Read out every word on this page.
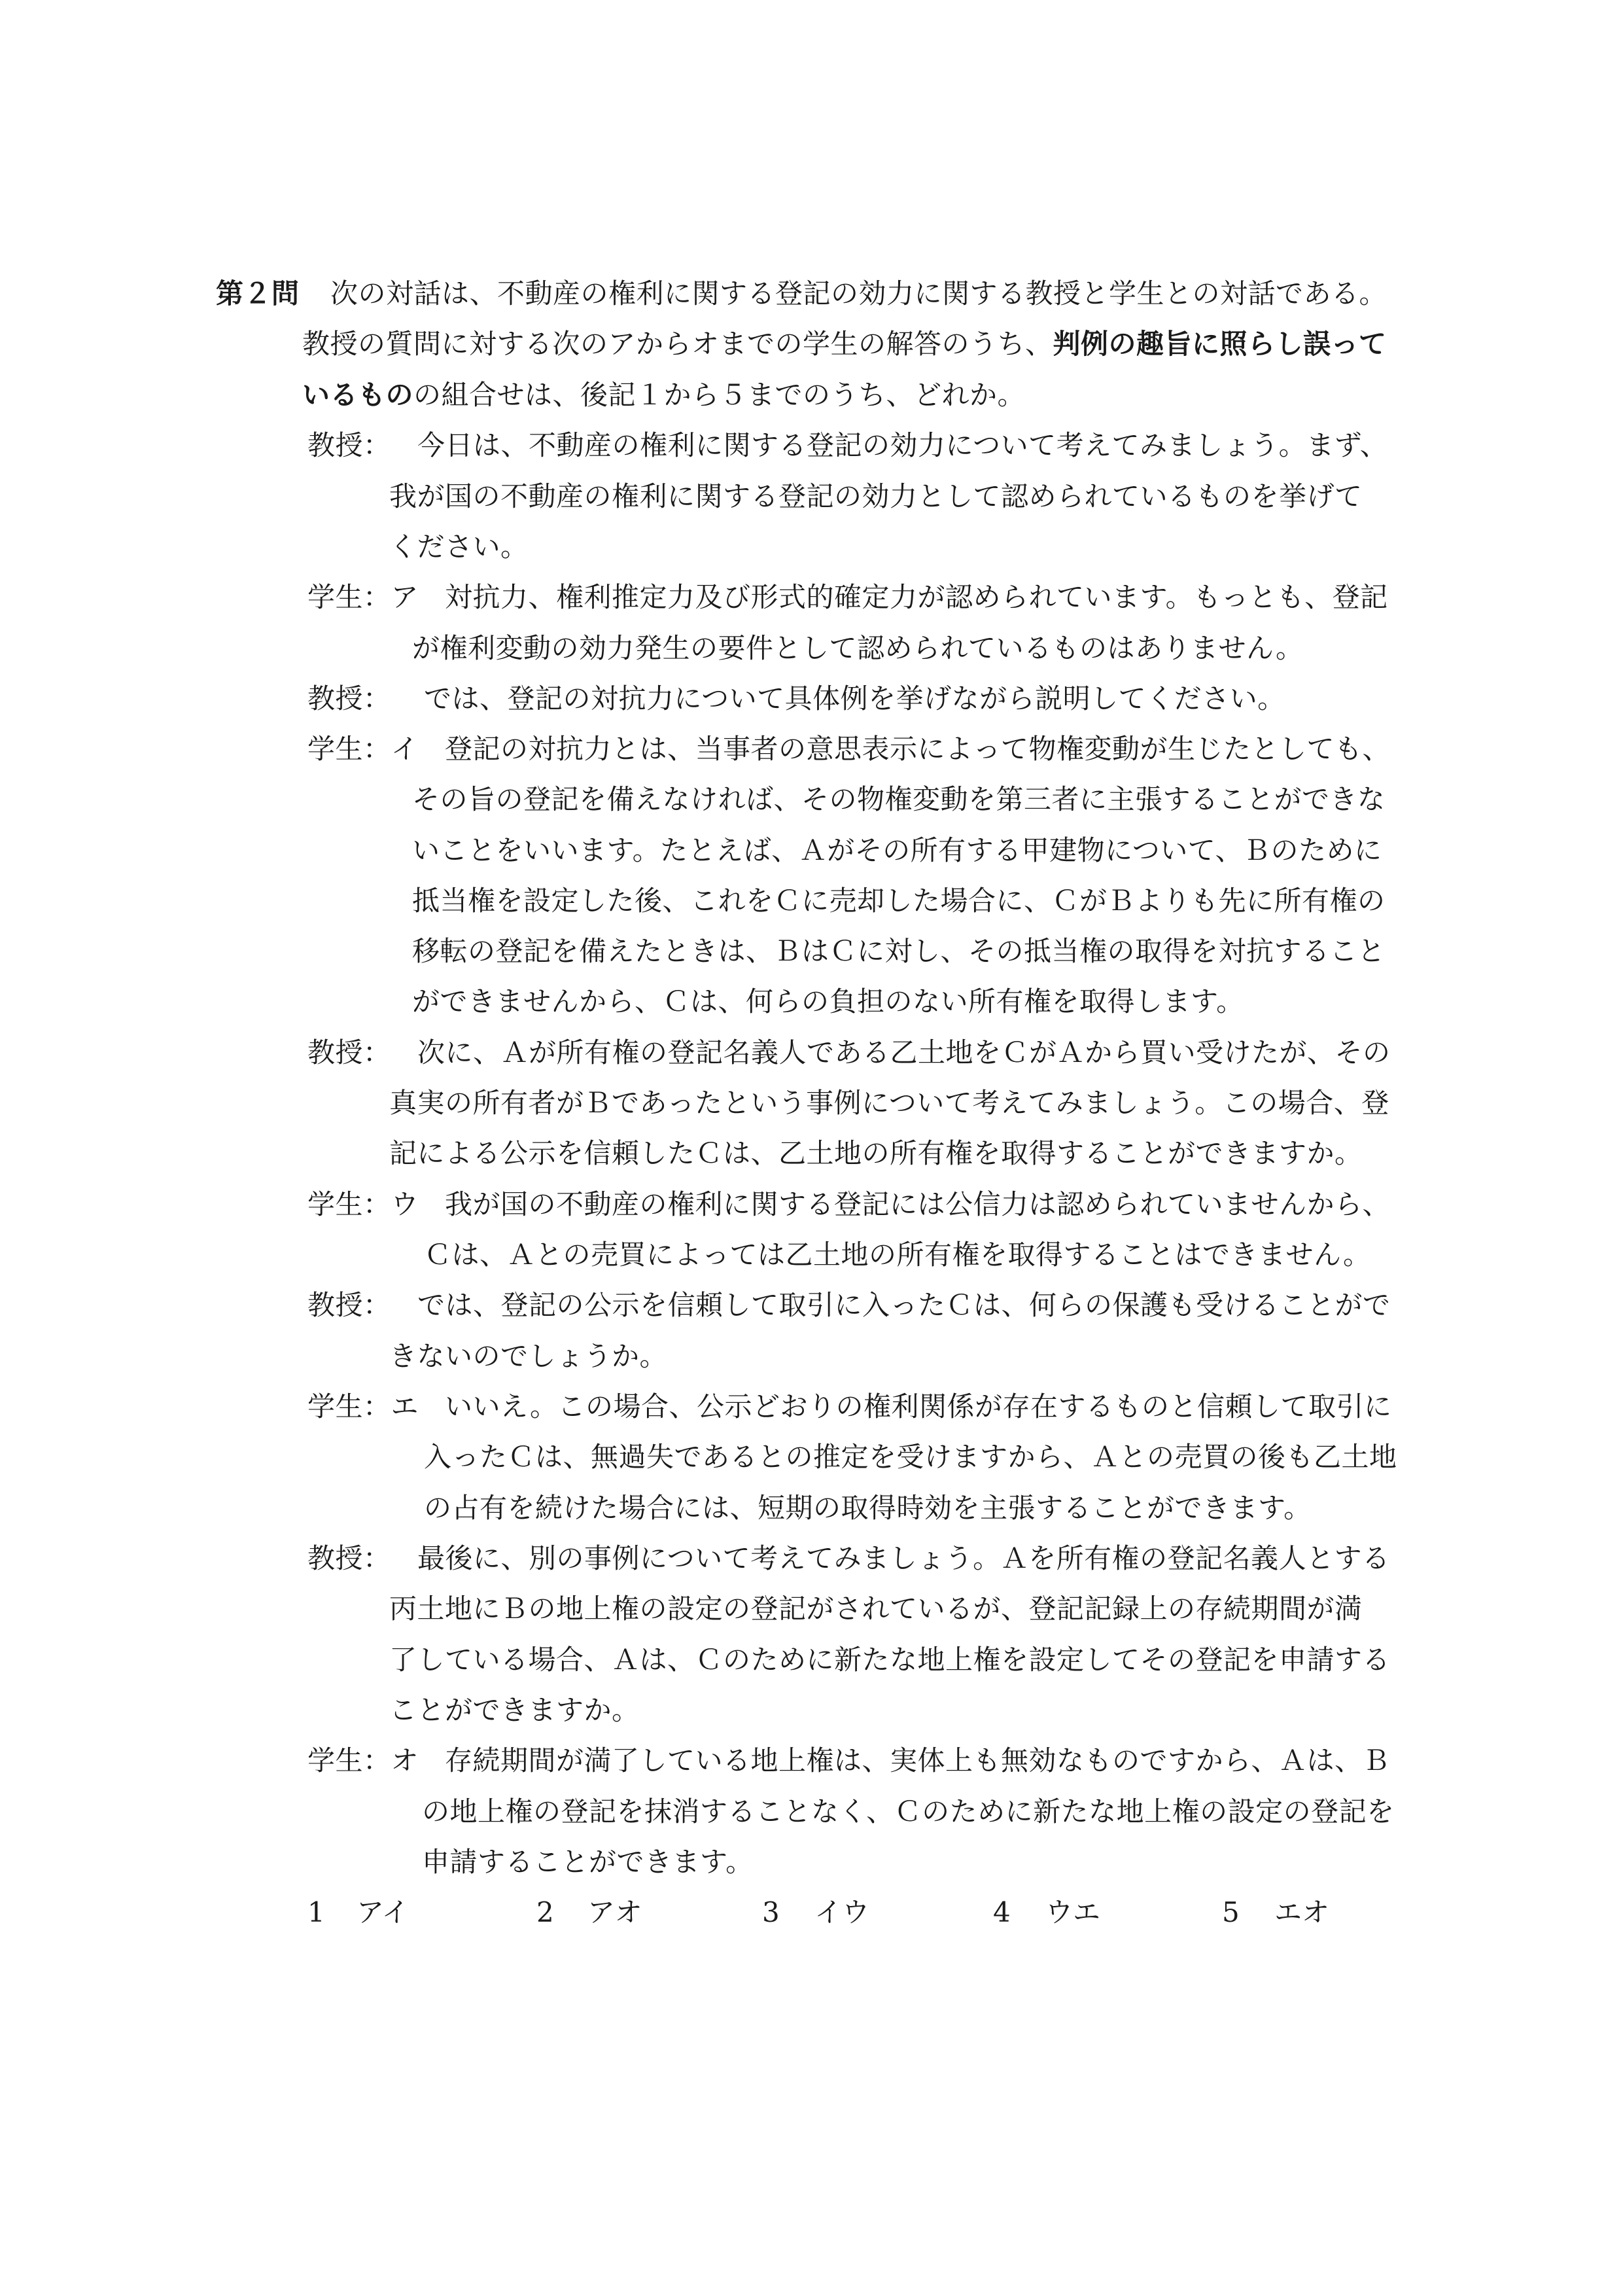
第２問 次の対話は、不動産の権利に関する登記の効力に関する教授と学生との対話である。
教授の質問に対する次のアからオまでの学生の解答のうち、判例の趣旨に照らし誤って
いるものの組合せは、後記１から５までのうち、どれか。
教授： 今日は、不動産の権利に関する登記の効力について考えてみましょう。まず、
我が国の不動産の権利に関する登記の効力として認められているものを挙げて
ください。
学生：ア 対抗力、権利推定力及び形式的確定力が認められています。もっとも、登記
が権利変動の効力発生の要件として認められているものはありません。
教授： では、登記の対抗力について具体例を挙げながら説明してください。
学生：イ 登記の対抗力とは、当事者の意思表示によって物権変動が生じたとしても、
その旨の登記を備えなければ、その物権変動を第三者に主張することができな
いことをいいます。たとえば、Ａがその所有する甲建物について、Ｂのために
抵当権を設定した後、これをＣに売却した場合に、ＣがＢよりも先に所有権の
移転の登記を備えたときは、ＢはＣに対し、その抵当権の取得を対抗すること
ができませんから、Ｃは、何らの負担のない所有権を取得します。
教授： 次に、Ａが所有権の登記名義人である乙土地をＣがＡから買い受けたが、その
真実の所有者がＢであったという事例について考えてみましょう。この場合、登
記による公示を信頼したＣは、乙土地の所有権を取得することができますか。
学生：ウ 我が国の不動産の権利に関する登記には公信力は認められていませんから、
Ｃは、Ａとの売買によっては乙土地の所有権を取得することはできません。
教授： では、登記の公示を信頼して取引に入ったＣは、何らの保護も受けることがで
きないのでしょうか。
学生：エ いいえ。この場合、公示どおりの権利関係が存在するものと信頼して取引に
入ったＣは、無過失であるとの推定を受けますから、Ａとの売買の後も乙土地
の占有を続けた場合には、短期の取得時効を主張することができます。
教授： 最後に、別の事例について考えてみましょう。Ａを所有権の登記名義人とする
丙土地にＢの地上権の設定の登記がされているが、登記記録上の存続期間が満
了している場合、Ａは、Ｃのために新たな地上権を設定してその登記を申請する
ことができますか。
学生：オ 存続期間が満了している地上権は、実体上も無効なものですから、Ａは、Ｂ
の地上権の登記を抹消することなく、Ｃのために新たな地上権の設定の登記を
申請することができます。
1 アイ	2 アオ	3 イウ	4 ウエ	5 エオ
